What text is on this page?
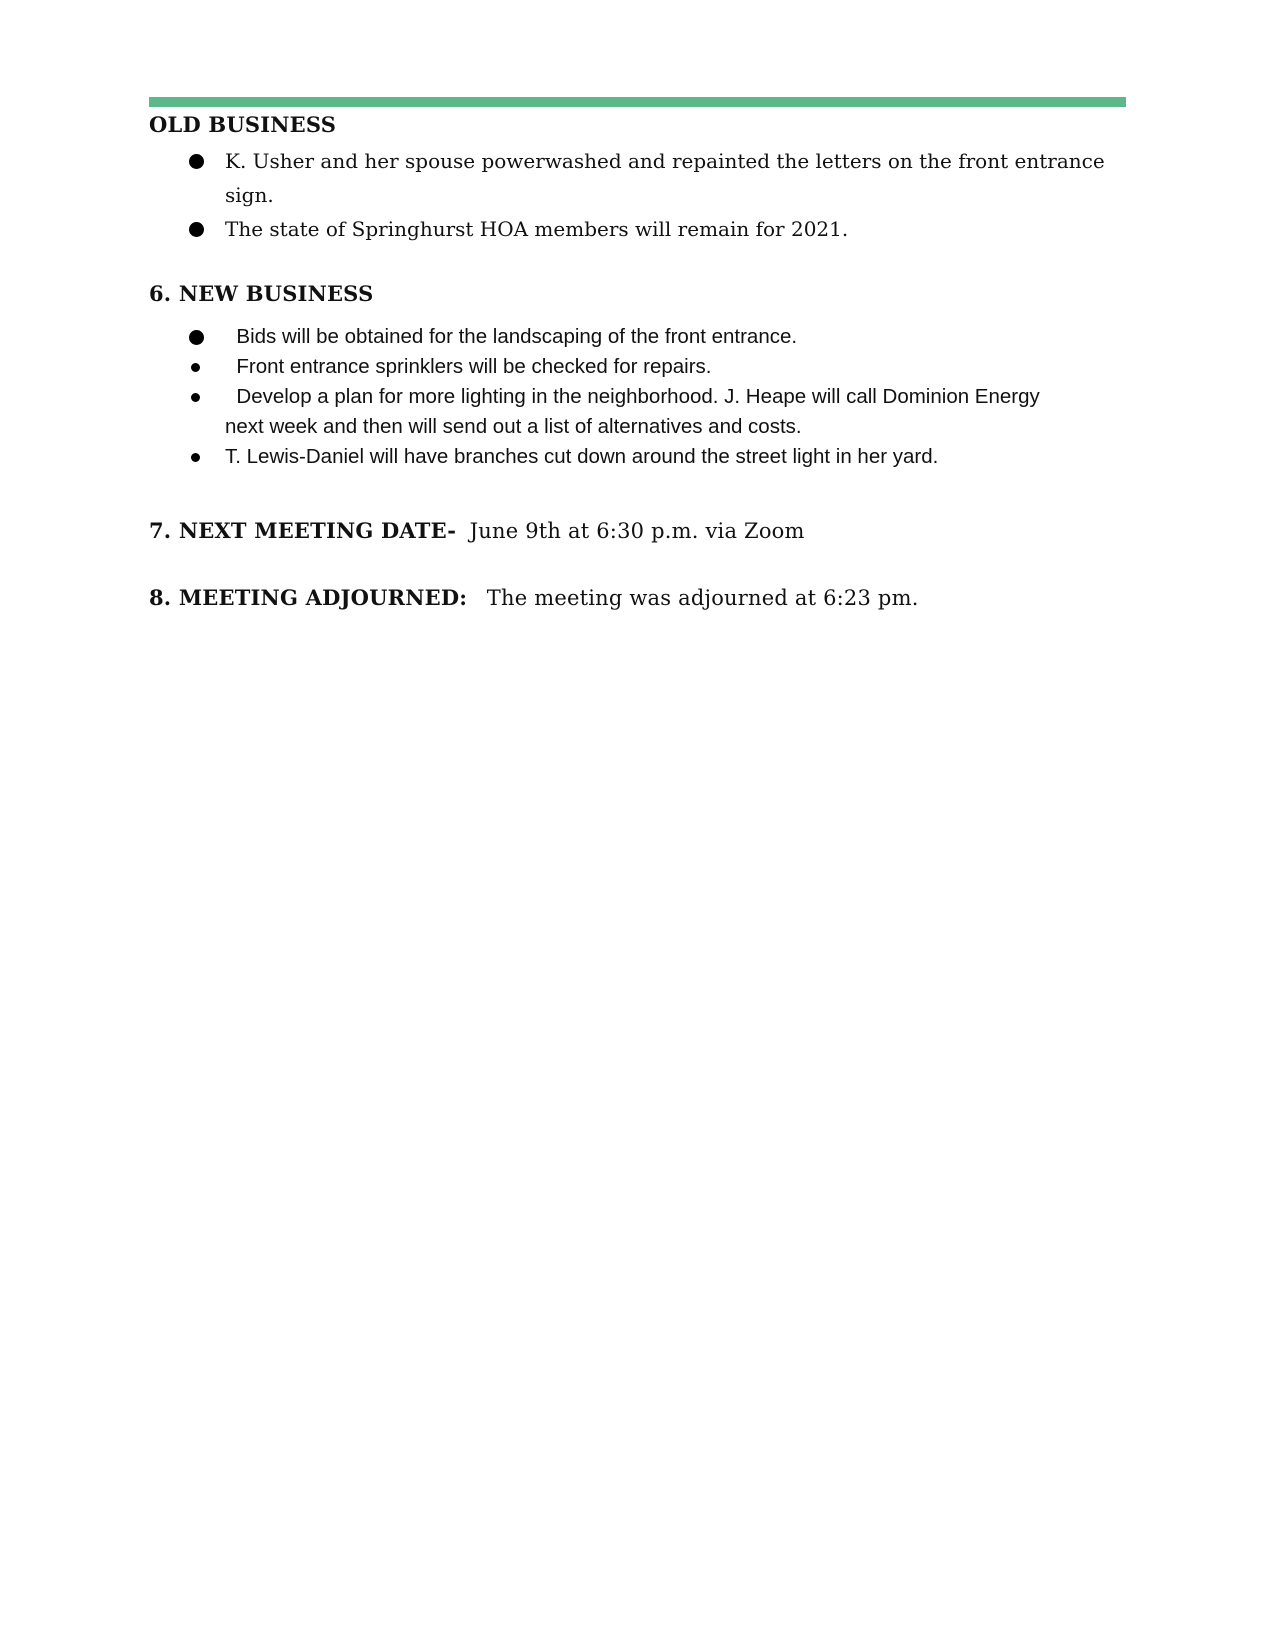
OLD BUSINESS
K. Usher and her spouse powerwashed and repainted the letters on the front entrance
sign.
The state of Springhurst HOA members will remain for 2021.
6. NEW BUSINESS
Bids will be obtained for the landscaping of the front entrance.
Front entrance sprinklers will be checked for repairs.
Develop a plan for more lighting in the neighborhood. J. Heape will call Dominion Energy
next week and then will send out a list of alternatives and costs.
T. Lewis-Daniel will have branches cut down around the street light in her yard.
7. NEXT MEETING DATE- June 9th at 6:30 p.m. via Zoom
8. MEETING ADJOURNED: The meeting was adjourned at 6:23 pm.
